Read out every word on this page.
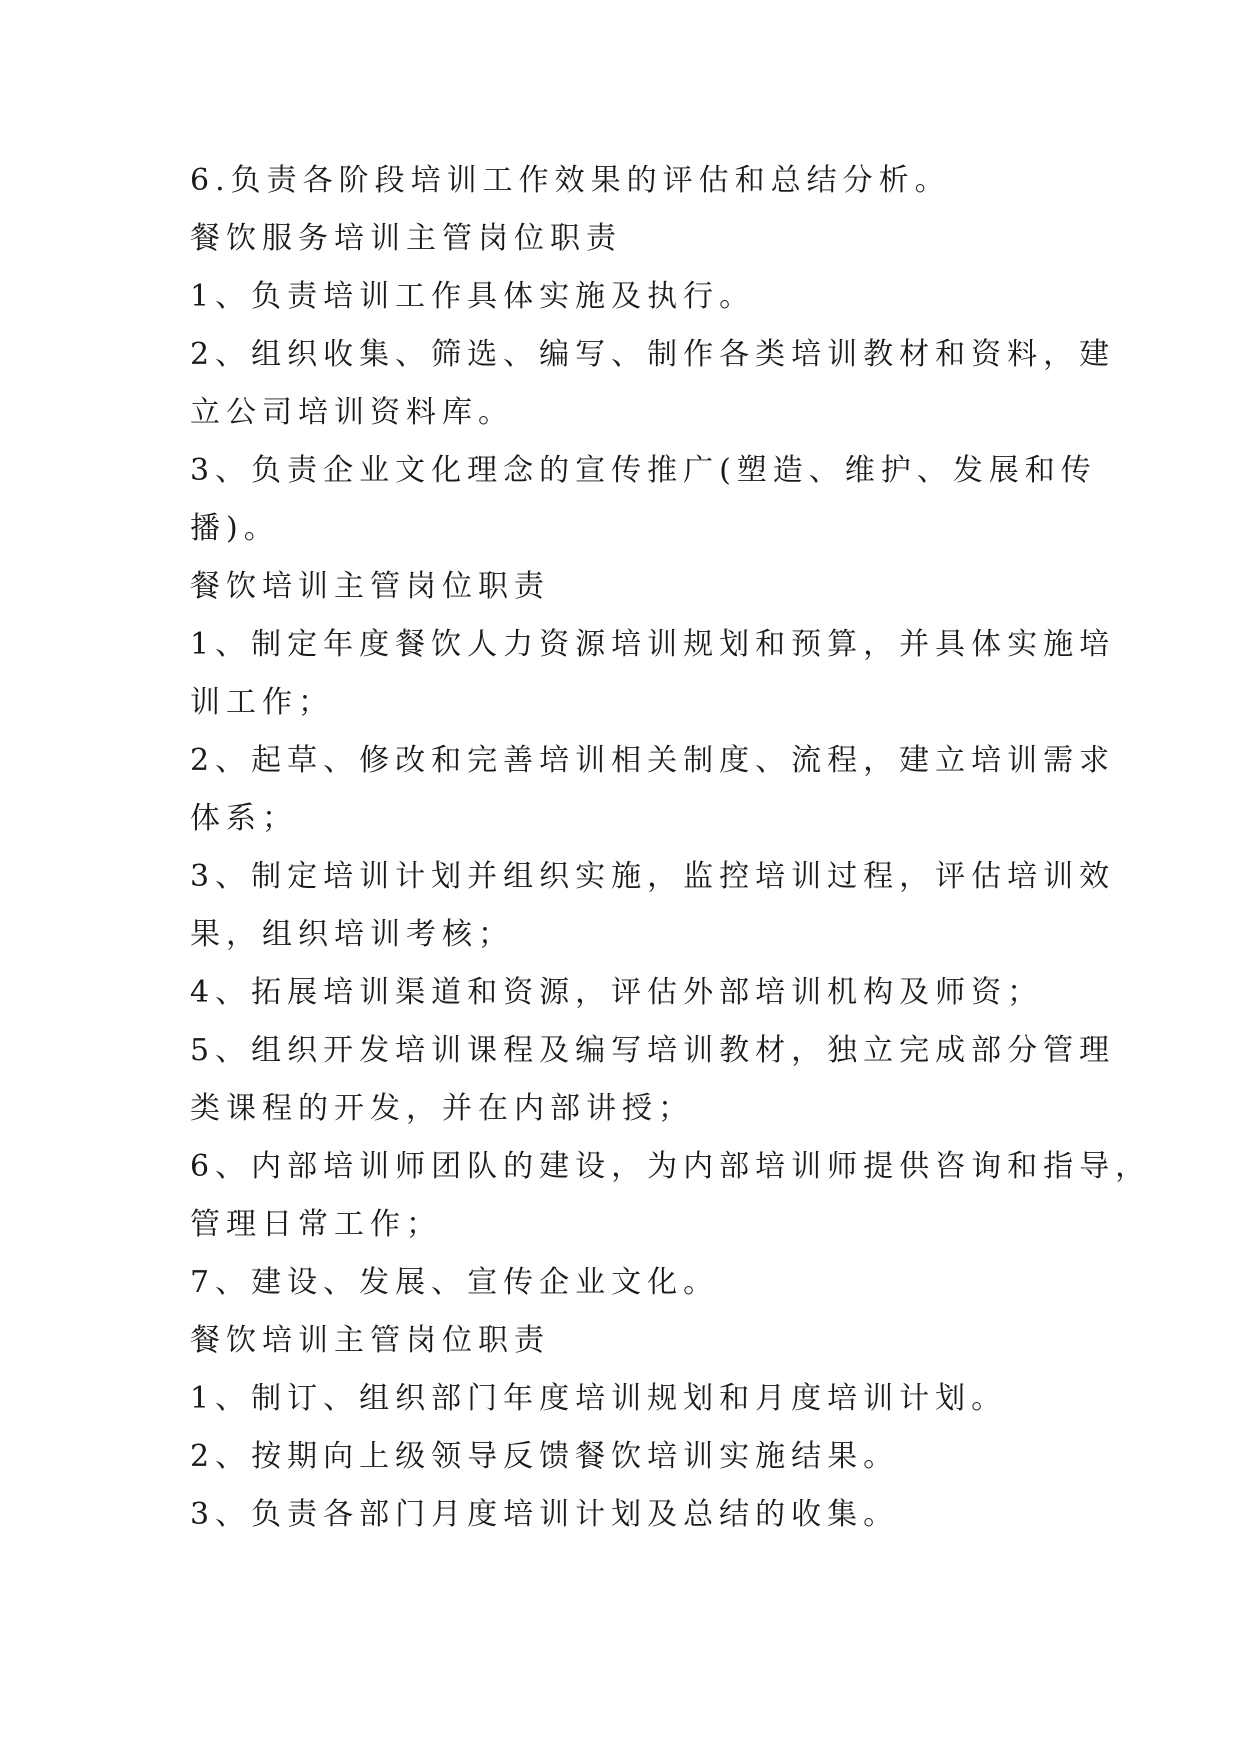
6.负责各阶段培训工作效果的评估和总结分析。

餐饮服务培训主管岗位职责

1、负责培训工作具体实施及执行。

2、组织收集、筛选、编写、制作各类培训教材和资料，建

立公司培训资料库。

3、负责企业文化理念的宣传推广(塑造、维护、发展和传

播)。

餐饮培训主管岗位职责

1、制定年度餐饮人力资源培训规划和预算，并具体实施培

训工作；

2、起草、修改和完善培训相关制度、流程，建立培训需求

体系；

3、制定培训计划并组织实施，监控培训过程，评估培训效

果，组织培训考核；

4、拓展培训渠道和资源，评估外部培训机构及师资；

5、组织开发培训课程及编写培训教材，独立完成部分管理

类课程的开发，并在内部讲授；

6、内部培训师团队的建设，为内部培训师提供咨询和指导，

管理日常工作；

7、建设、发展、宣传企业文化。

餐饮培训主管岗位职责

1、制订、组织部门年度培训规划和月度培训计划。

2、按期向上级领导反馈餐饮培训实施结果。

3、负责各部门月度培训计划及总结的收集。
